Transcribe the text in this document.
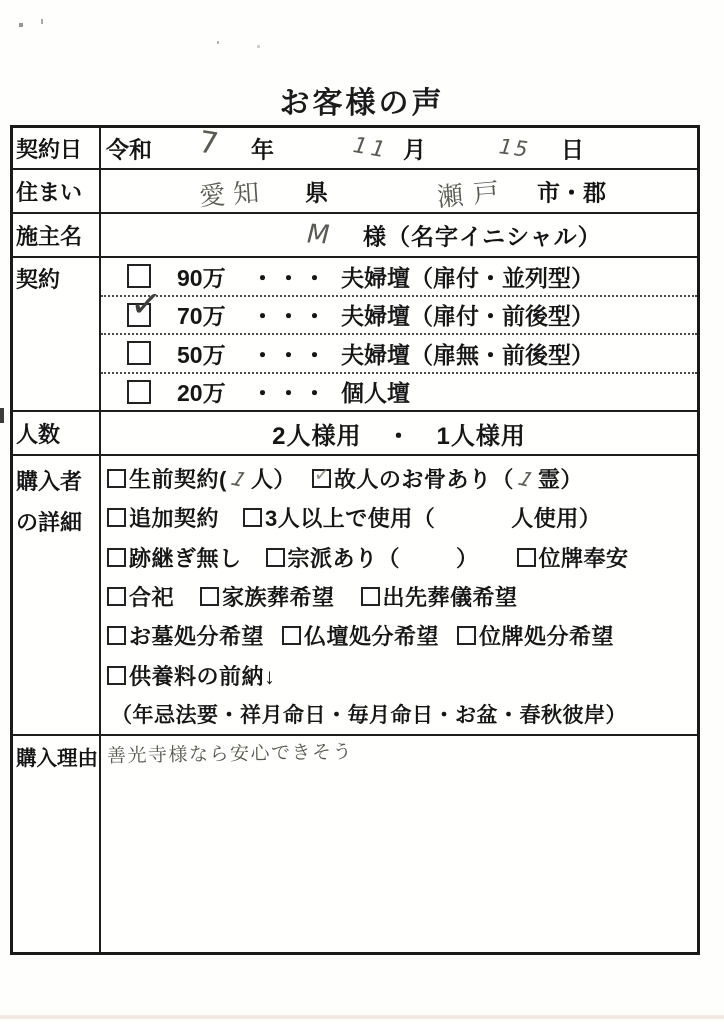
お客様の声
契約日	令和 7 年	11 月	15 日
住まい	愛知 県	瀬戸 市・郡
施主名	M 様（名字イニシャル）
契約	90万	・・・ 夫婦壇（扉付・並列型）
✓ 70万	・・・ 夫婦壇（扉付・前後型）
50万	・・・ 夫婦壇（扉無・前後型）
20万	・・・ 個人壇
人数	2人様用　・　1人様用
購入者
の詳細
生前契約( 1 人） ✓ 故人のお骨あり（ 1 霊）
追加契約 3人以上で使用（	人使用）
跡継ぎ無し 宗派あり（	）	位牌奉安
合祀 家族葬希望 出先葬儀希望
お墓処分希望 仏壇処分希望 位牌処分希望
供養料の前納↓
（年忌法要・祥月命日・毎月命日・お盆・春秋彼岸）
購入理由 善光寺様なら安心できそう
